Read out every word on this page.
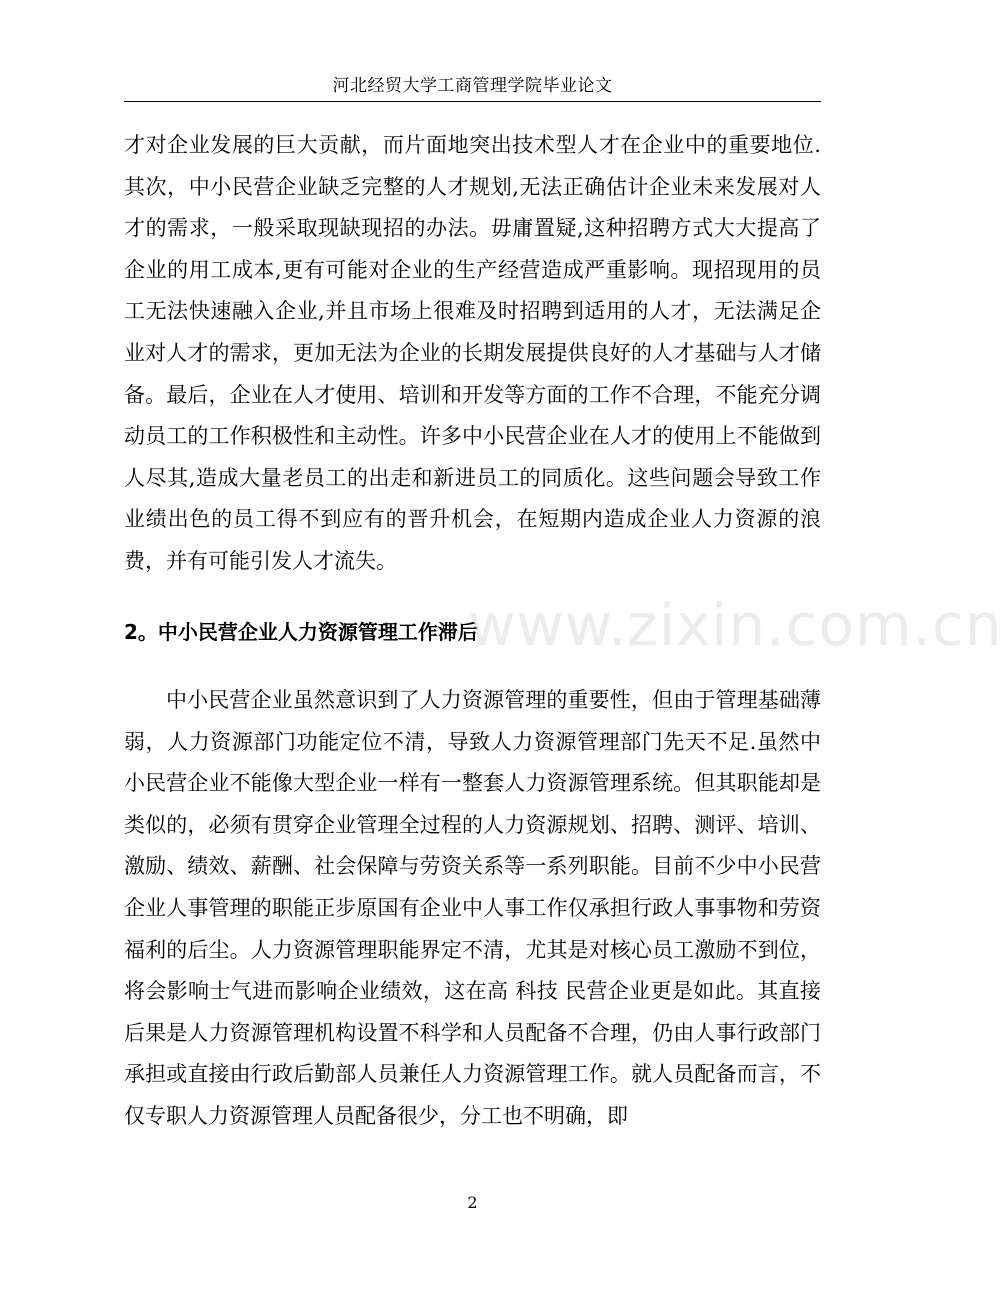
河北经贸大学工商管理学院毕业论文

才对企业发展的巨大贡献，而片面地突出技术型人才在企业中的重要地位.其次，中小民营企业缺乏完整的人才规划,无法正确估计企业未来发展对人才的需求，一般采取现缺现招的办法。毋庸置疑,这种招聘方式大大提高了企业的用工成本,更有可能对企业的生产经营造成严重影响。现招现用的员工无法快速融入企业,并且市场上很难及时招聘到适用的人才，无法满足企业对人才的需求，更加无法为企业的长期发展提供良好的人才基础与人才储备。最后，企业在人才使用、培训和开发等方面的工作不合理，不能充分调动员工的工作积极性和主动性。许多中小民营企业在人才的使用上不能做到人尽其,造成大量老员工的出走和新进员工的同质化。这些问题会导致工作业绩出色的员工得不到应有的晋升机会，在短期内造成企业人力资源的浪费，并有可能引发人才流失。

2。中小民营企业人力资源管理工作滞后
www.zixin.com.cn

中小民营企业虽然意识到了人力资源管理的重要性，但由于管理基础薄弱，人力资源部门功能定位不清，导致人力资源管理部门先天不足.虽然中小民营企业不能像大型企业一样有一整套人力资源管理系统。但其职能却是类似的，必须有贯穿企业管理全过程的人力资源规划、招聘、测评、培训、激励、绩效、薪酬、社会保障与劳资关系等一系列职能。目前不少中小民营企业人事管理的职能正步原国有企业中人事工作仅承担行政人事事物和劳资福利的后尘。人力资源管理职能界定不清，尤其是对核心员工激励不到位，将会影响士气进而影响企业绩效，这在高 科技 民营企业更是如此。其直接后果是人力资源管理机构设置不科学和人员配备不合理，仍由人事行政部门承担或直接由行政后勤部人员兼任人力资源管理工作。就人员配备而言，不仅专职人力资源管理人员配备很少，分工也不明确，即

2
